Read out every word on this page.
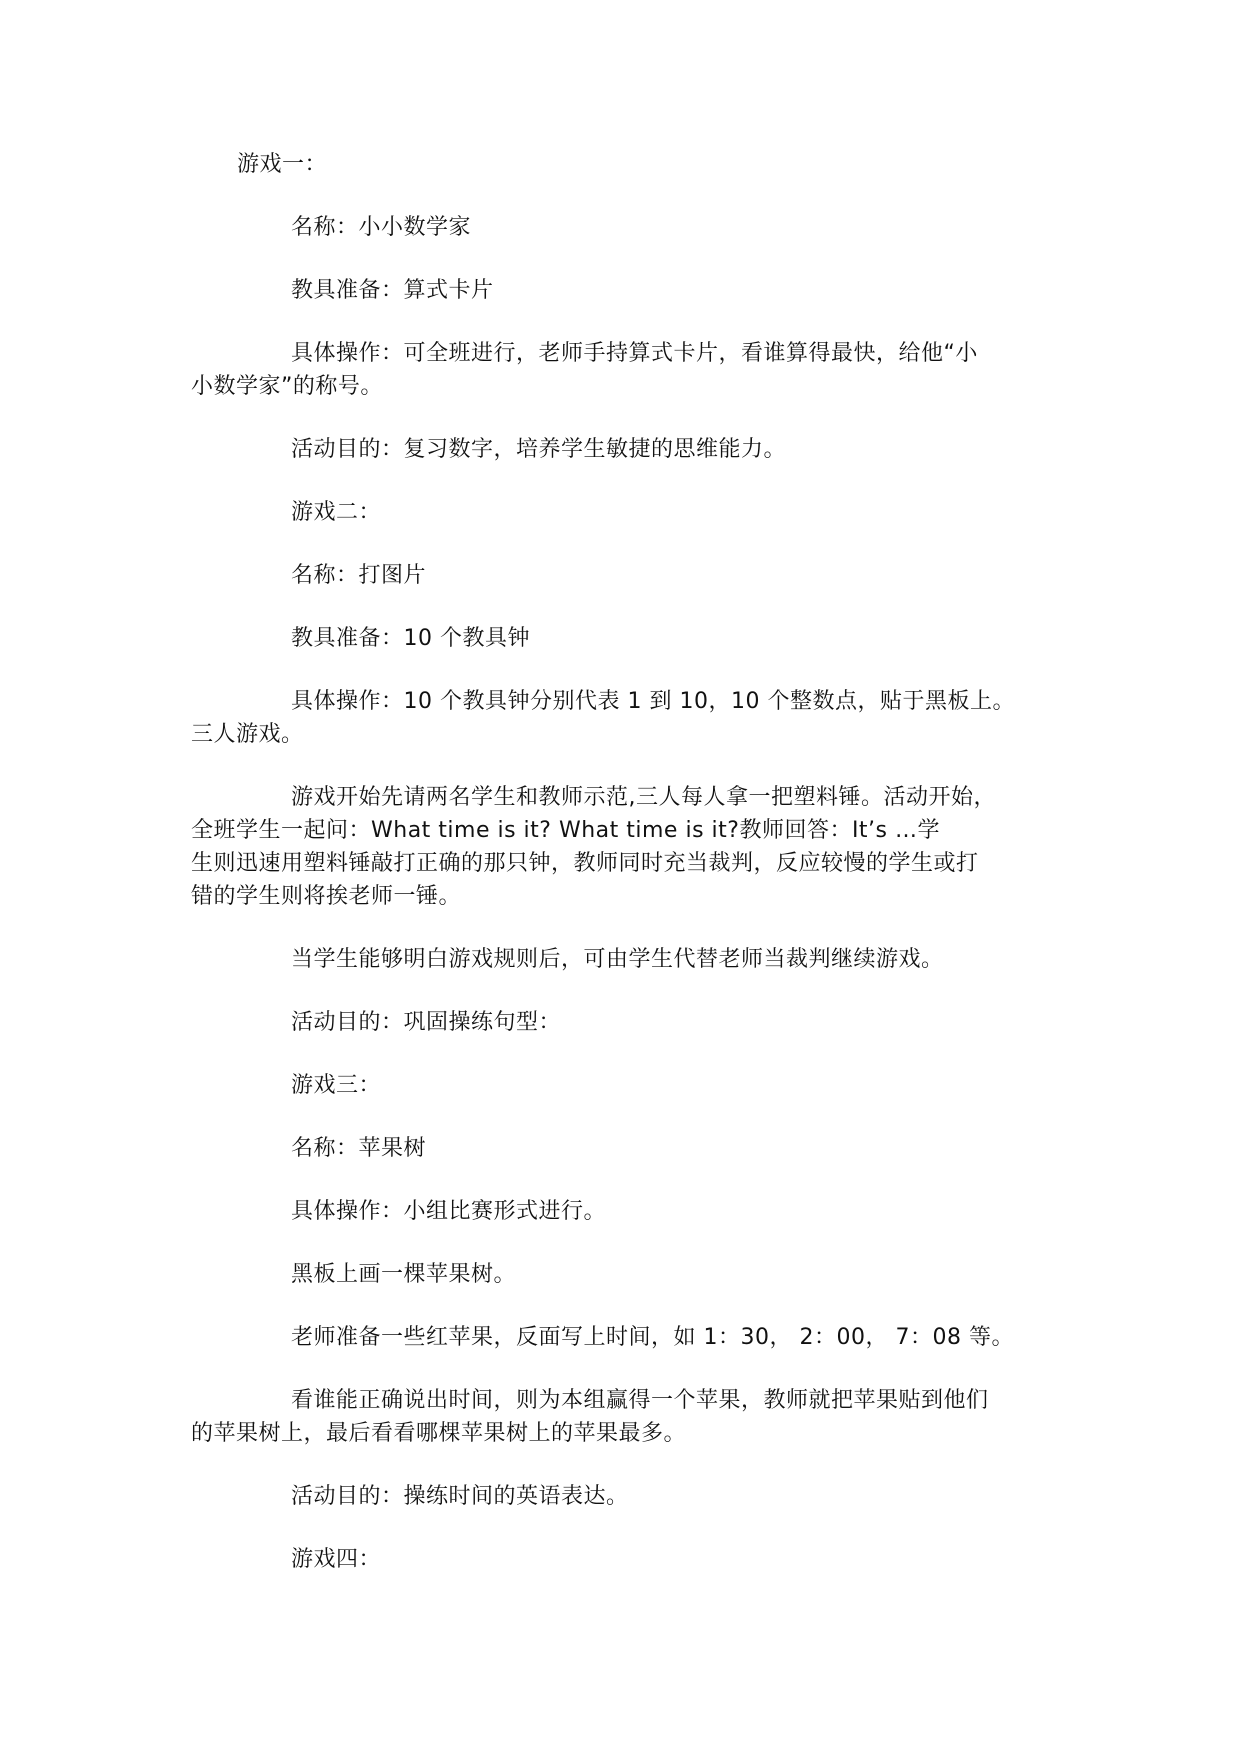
游戏一：
名称：小小数学家
教具准备：算式卡片
具体操作：可全班进行，老师手持算式卡片，看谁算得最快，给他“小
小数学家”的称号。
活动目的：复习数字，培养学生敏捷的思维能力。
游戏二：
名称：打图片
教具准备：10 个教具钟
具体操作：10 个教具钟分别代表 1 到 10，10 个整数点，贴于黑板上。
三人游戏。
游戏开始先请两名学生和教师示范,三人每人拿一把塑料锤。活动开始，
全班学生一起问：What time is it? What time is it?教师回答：It’s …学
生则迅速用塑料锤敲打正确的那只钟，教师同时充当裁判，反应较慢的学生或打
错的学生则将挨老师一锤。
当学生能够明白游戏规则后，可由学生代替老师当裁判继续游戏。
活动目的：巩固操练句型：
游戏三：
名称：苹果树
具体操作：小组比赛形式进行。
黑板上画一棵苹果树。
老师准备一些红苹果，反面写上时间，如 1：30， 2：00， 7：08 等。
看谁能正确说出时间，则为本组赢得一个苹果，教师就把苹果贴到他们
的苹果树上，最后看看哪棵苹果树上的苹果最多。
活动目的：操练时间的英语表达。
游戏四：
